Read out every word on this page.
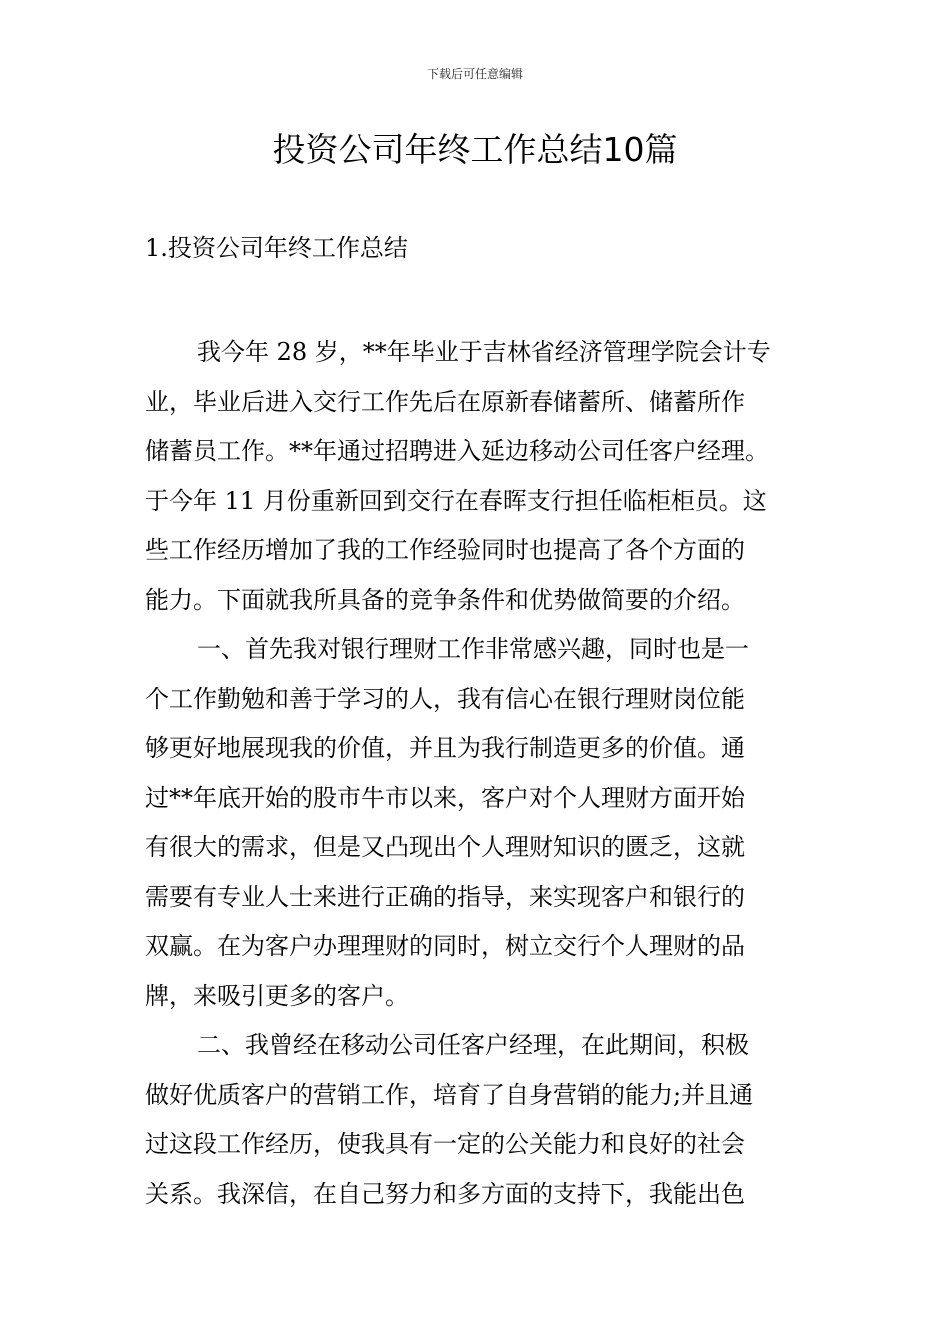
下载后可任意编辑
投资公司年终工作总结10篇
1.投资公司年终工作总结
我今年 28 岁，**年毕业于吉林省经济管理学院会计专
业，毕业后进入交行工作先后在原新春储蓄所、储蓄所作
储蓄员工作。**年通过招聘进入延边移动公司任客户经理。
于今年 11 月份重新回到交行在春晖支行担任临柜柜员。这
些工作经历增加了我的工作经验同时也提高了各个方面的
能力。下面就我所具备的竞争条件和优势做简要的介绍。
一、首先我对银行理财工作非常感兴趣，同时也是一
个工作勤勉和善于学习的人，我有信心在银行理财岗位能
够更好地展现我的价值，并且为我行制造更多的价值。通
过**年底开始的股市牛市以来，客户对个人理财方面开始
有很大的需求，但是又凸现出个人理财知识的匮乏，这就
需要有专业人士来进行正确的指导，来实现客户和银行的
双赢。在为客户办理理财的同时，树立交行个人理财的品
牌，来吸引更多的客户。
二、我曾经在移动公司任客户经理，在此期间，积极
做好优质客户的营销工作，培育了自身营销的能力;并且通
过这段工作经历，使我具有一定的公关能力和良好的社会
关系。我深信，在自己努力和多方面的支持下，我能出色
